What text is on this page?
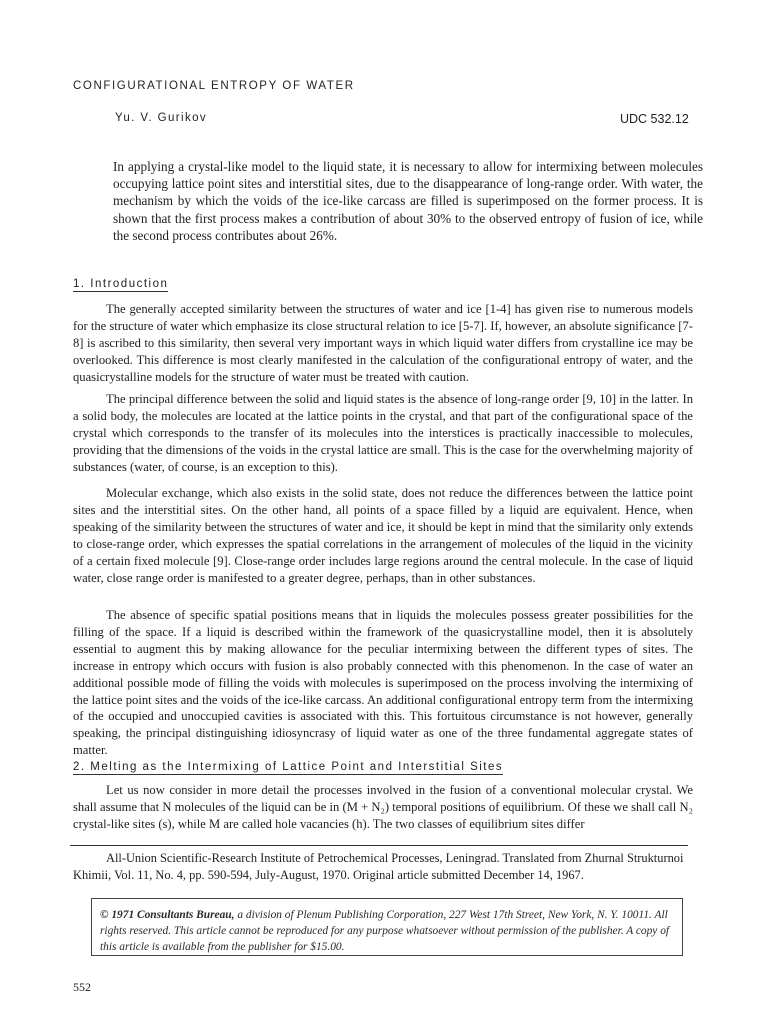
CONFIGURATIONAL ENTROPY OF WATER
Yu. V. Gurikov	UDC 532.12
In applying a crystal-like model to the liquid state, it is necessary to allow for intermixing between molecules occupying lattice point sites and interstitial sites, due to the disappearance of long-range order. With water, the mechanism by which the voids of the ice-like carcass are filled is superimposed on the former process. It is shown that the first process makes a contribution of about 30% to the observed entropy of fusion of ice, while the second process contributes about 26%.
1. Introduction
The generally accepted similarity between the structures of water and ice [1-4] has given rise to numerous models for the structure of water which emphasize its close structural relation to ice [5-7]. If, however, an absolute significance [7-8] is ascribed to this similarity, then several very important ways in which liquid water differs from crystalline ice may be overlooked. This difference is most clearly manifested in the calculation of the configurational entropy of water, and the quasicrystalline models for the structure of water must be treated with caution.
The principal difference between the solid and liquid states is the absence of long-range order [9, 10] in the latter. In a solid body, the molecules are located at the lattice points in the crystal, and that part of the configurational space of the crystal which corresponds to the transfer of its molecules into the interstices is practically inaccessible to molecules, providing that the dimensions of the voids in the crystal lattice are small. This is the case for the overwhelming majority of substances (water, of course, is an exception to this).
Molecular exchange, which also exists in the solid state, does not reduce the differences between the lattice point sites and the interstitial sites. On the other hand, all points of a space filled by a liquid are equivalent. Hence, when speaking of the similarity between the structures of water and ice, it should be kept in mind that the similarity only extends to close-range order, which expresses the spatial correlations in the arrangement of molecules of the liquid in the vicinity of a certain fixed molecule [9]. Close-range order includes large regions around the central molecule. In the case of liquid water, close range order is manifested to a greater degree, perhaps, than in other substances.
The absence of specific spatial positions means that in liquids the molecules possess greater possibilities for the filling of the space. If a liquid is described within the framework of the quasicrystalline model, then it is absolutely essential to augment this by making allowance for the peculiar intermixing between the different types of sites. The increase in entropy which occurs with fusion is also probably connected with this phenomenon. In the case of water an additional possible mode of filling the voids with molecules is superimposed on the process involving the intermixing of the lattice point sites and the voids of the ice-like carcass. An additional configurational entropy term from the intermixing of the occupied and unoccupied cavities is associated with this. This fortuitous circumstance is not however, generally speaking, the principal distinguishing idiosyncrasy of liquid water as one of the three fundamental aggregate states of matter.
2. Melting as the Intermixing of Lattice Point and Interstitial Sites
Let us now consider in more detail the processes involved in the fusion of a conventional molecular crystal. We shall assume that N molecules of the liquid can be in (M + N₂) temporal positions of equilibrium. Of these we shall call N₂ crystal-like sites (s), while M are called hole vacancies (h). The two classes of equilibrium sites differ
All-Union Scientific-Research Institute of Petrochemical Processes, Leningrad. Translated from Zhurnal Strukturnoi Khimii, Vol. 11, No. 4, pp. 590-594, July-August, 1970. Original article submitted December 14, 1967.
© 1971 Consultants Bureau, a division of Plenum Publishing Corporation, 227 West 17th Street, New York, N. Y. 10011. All rights reserved. This article cannot be reproduced for any purpose whatsoever without permission of the publisher. A copy of this article is available from the publisher for $15.00.
552
